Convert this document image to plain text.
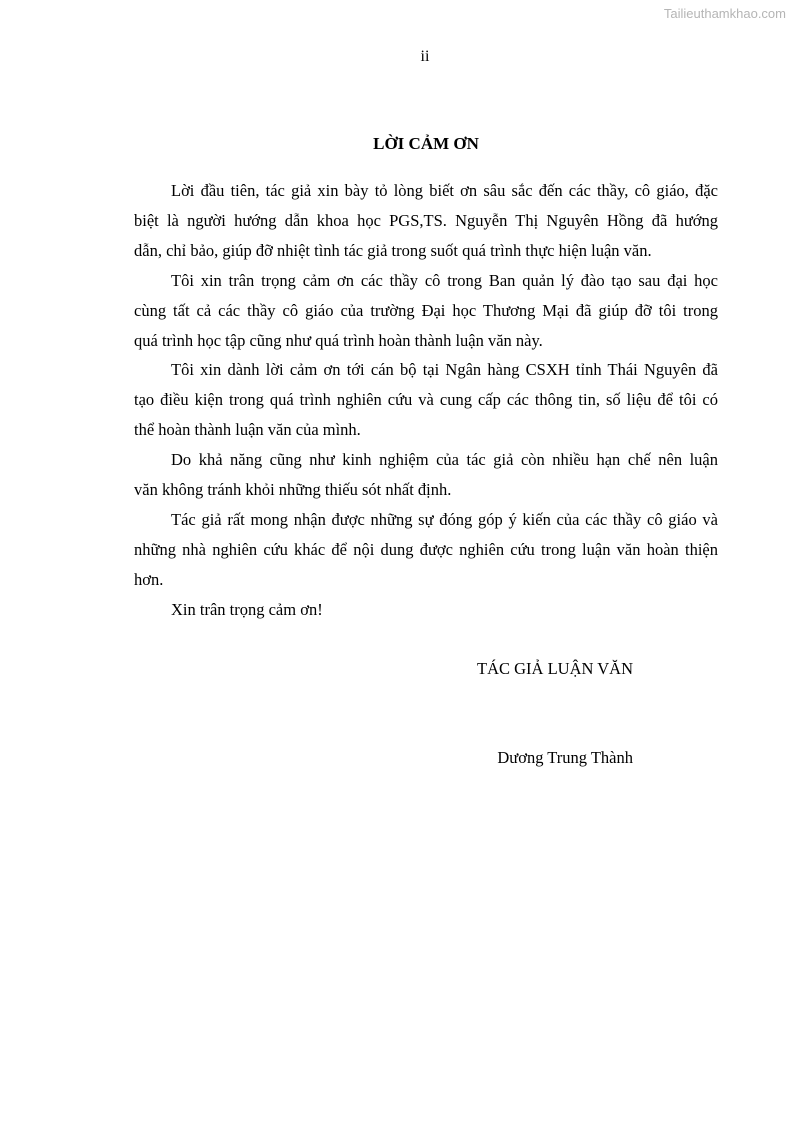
Tailieuthamkhao.com
ii
LỜI CẢM ƠN
Lời đầu tiên, tác giả xin bày tỏ lòng biết ơn sâu sắc đến các thầy, cô giáo, đặc
biệt là người hướng dẫn khoa học PGS,TS. Nguyễn Thị Nguyên Hồng đã hướng
dẫn, chỉ bảo, giúp đỡ nhiệt tình tác giả trong suốt quá trình thực hiện luận văn.
Tôi xin trân trọng cảm ơn các thầy cô trong Ban quản lý đào tạo sau đại học
cùng tất cả các thầy cô giáo của trường Đại học Thương Mại đã giúp đỡ tôi trong
quá trình học tập cũng như quá trình hoàn thành luận văn này.
Tôi xin dành lời cảm ơn tới cán bộ tại Ngân hàng CSXH tỉnh Thái Nguyên đã
tạo điều kiện trong quá trình nghiên cứu và cung cấp các thông tin, số liệu để tôi có
thể hoàn thành luận văn của mình.
Do khả năng cũng như kinh nghiệm của tác giả còn nhiều hạn chế nên luận
văn không tránh khỏi những thiếu sót nhất định.
Tác giả rất mong nhận được những sự đóng góp ý kiến của các thầy cô giáo và
những nhà nghiên cứu khác để nội dung được nghiên cứu trong luận văn hoàn thiện
hơn.
Xin trân trọng cảm ơn!
TÁC GIẢ LUẬN VĂN
Dương Trung Thành
